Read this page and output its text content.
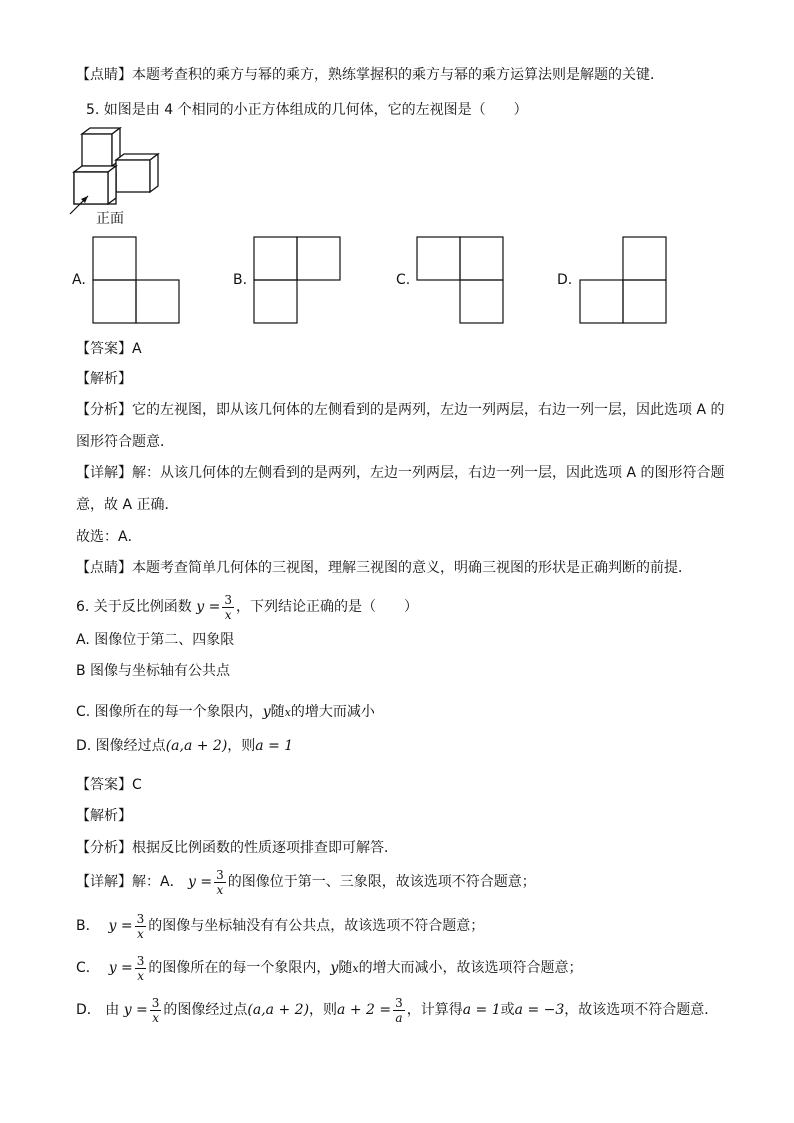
【点睛】本题考查积的乘方与幂的乘方，熟练掌握积的乘方与幂的乘方运算法则是解题的关键．
5. 如图是由 4 个相同的小正方体组成的几何体，它的左视图是（　　）
正面
A.	B.	C.	D.
【答案】A
【解析】
【分析】它的左视图，即从该几何体的左侧看到的是两列，左边一列两层，右边一列一层，因此选项 A 的
图形符合题意．
【详解】解：从该几何体的左侧看到的是两列，左边一列两层，右边一列一层，因此选项 A 的图形符合题
意，故 A 正确．
故选：A．
【点睛】本题考查简单几何体的三视图，理解三视图的意义，明确三视图的形状是正确判断的前提．
6. 关于反比例函数 $y = \frac{3}{x}$ ，下列结论正确的是（　　）
A. 图像位于第二、四象限
B 图像与坐标轴有公共点
C. 图像所在的每一个象限内，y随x的增大而减小
D. 图像经过点(a,a + 2)，则a = 1
【答案】C
【解析】
【分析】根据反比例函数的性质逐项排查即可解答．
【详解】解：A． $y = \frac{3}{x}$ 的图像位于第一、三象限，故该选项不符合题意；
B． $y = \frac{3}{x}$ 的图像与坐标轴没有有公共点，故该选项不符合题意；
C． $y = \frac{3}{x}$ 的图像所在的每一个象限内，y随x的增大而减小，故该选项符合题意；
D． 由 $y = \frac{3}{x}$ 的图像经过点(a,a + 2)，则$a + 2 = \frac{3}{a}$ ，计算得a = 1或a = −3，故该选项不符合题意．
